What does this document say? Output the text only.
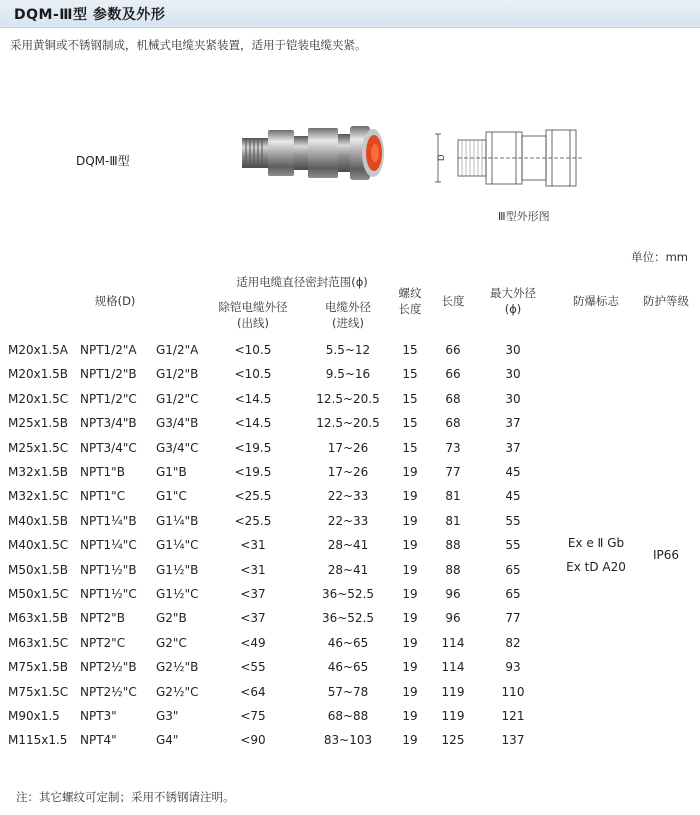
DQM-Ⅲ型 参数及外形
采用黄铜或不锈钢制成，机械式电缆夹紧装置，适用于铠装电缆夹紧。
DQM-Ⅲ型	D
Ⅲ型外形图
单位：mm
规格(D)
适用电缆直径密封范围(ϕ)
除铠电缆外径
(出线)
电缆外径
(进线)
螺纹
长度
长度
最大外径
(ϕ)
防爆标志	防护等级
M20x1.5A NPT1/2"A G1/2"A	<10.5	5.5~12	15	66	30
M20x1.5B NPT1/2"B G1/2"B	<10.5	9.5~16	15	66	30
M20x1.5C NPT1/2"C G1/2"C	<14.5	12.5~20.5	15	68	30
M25x1.5B NPT3/4"B G3/4"B	<14.5	12.5~20.5	15	68	37
M25x1.5C NPT3/4"C G3/4"C	<19.5	17~26	15	73	37
M32x1.5B NPT1"B	G1"B	<19.5	17~26	19	77	45
M32x1.5C NPT1"C	G1"C	<25.5	22~33	19	81	45
M40x1.5B NPT1¼"B G1¼"B	<25.5	22~33	19	81	55
M40x1.5C NPT1¼"C G1¼"C	<31	28~41	19	88	55
M50x1.5B NPT1½"B G1½"B	<31	28~41	19	88	65
M50x1.5C NPT1½"C G1½"C	<37	36~52.5	19	96	65
M63x1.5B NPT2"B	G2"B	<37	36~52.5	19	96	77
M63x1.5C NPT2"C	G2"C	<49	46~65	19	114	82
M75x1.5B NPT2½"B G2½"B	<55	46~65	19	114	93
M75x1.5C NPT2½"C G2½"C	<64	57~78	19	119	110
M90x1.5 NPT3"	G3"	<75	68~88	19	119	121
M115x1.5 NPT4"	G4"	<90	83~103	19	125	137
Ex e Ⅱ Gb
Ex tD A20
IP66
注：其它螺纹可定制；采用不锈钢请注明。
